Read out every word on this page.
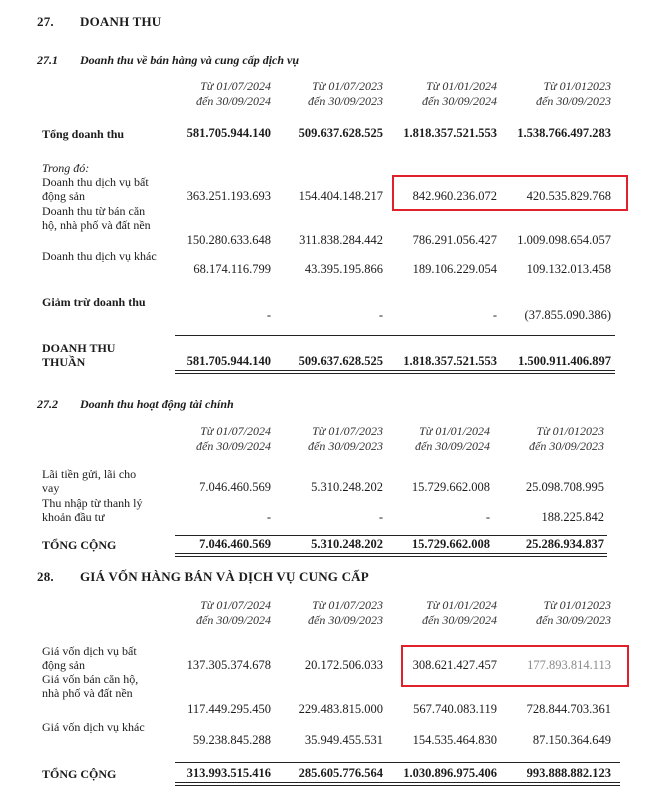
27. DOANH THU
27.1 Doanh thu về bán hàng và cung cấp dịch vụ
Từ 01/07/2024
đến 30/09/2024
Từ 01/07/2023
đến 30/09/2023
Từ 01/01/2024
đến 30/09/2024
Từ 01/012023
đến 30/09/2023
Tổng doanh thu	581.705.944.140 509.637.628.525 1.818.357.521.553 1.538.766.497.283
Trong đó:
Doanh thu dịch vụ bất động sản	363.251.193.693 154.404.148.217 842.960.236.072 420.535.829.768
Doanh thu từ bán căn hộ, nhà phố và đất nền
150.280.633.648 311.838.284.442 786.291.056.427 1.009.098.654.057
Doanh thu dịch vụ khác
68.174.116.799	43.395.195.866 189.106.229.054 109.132.013.458
Giảm trừ doanh thu
-	-	- (37.855.090.386)
DOANH THU THUẦN	581.705.944.140 509.637.628.525 1.818.357.521.553 1.500.911.406.897
27.2 Doanh thu hoạt động tài chính
Từ 01/07/2024
đến 30/09/2024
Từ 01/07/2023
đến 30/09/2023
Từ 01/01/2024
đến 30/09/2024
Từ 01/012023
đến 30/09/2023
Lãi tiền gửi, lãi cho vay	7.046.460.569	5.310.248.202 15.729.662.008	25.098.708.995
Thu nhập từ thanh lý khoản đầu tư	-	-	-	188.225.842
TỔNG CỘNG	7.046.460.569	5.310.248.202 15.729.662.008	25.286.934.837
28. GIÁ VỐN HÀNG BÁN VÀ DỊCH VỤ CUNG CẤP
Từ 01/07/2024
đến 30/09/2024
Từ 01/07/2023
đến 30/09/2023
Từ 01/01/2024
đến 30/09/2024
Từ 01/012023
đến 30/09/2023
Giá vốn dịch vụ bất động sản	137.305.374.678	20.172.506.033 308.621.427.457 177.893.814.113
Giá vốn bán căn hộ, nhà phố và đất nền
117.449.295.450 229.483.815.000 567.740.083.119 728.844.703.361
Giá vốn dịch vụ khác
59.238.845.288	35.949.455.531 154.535.464.830	87.150.364.649
TỔNG CỘNG	313.993.515.416 285.605.776.564 1.030.896.975.406 993.888.882.123
